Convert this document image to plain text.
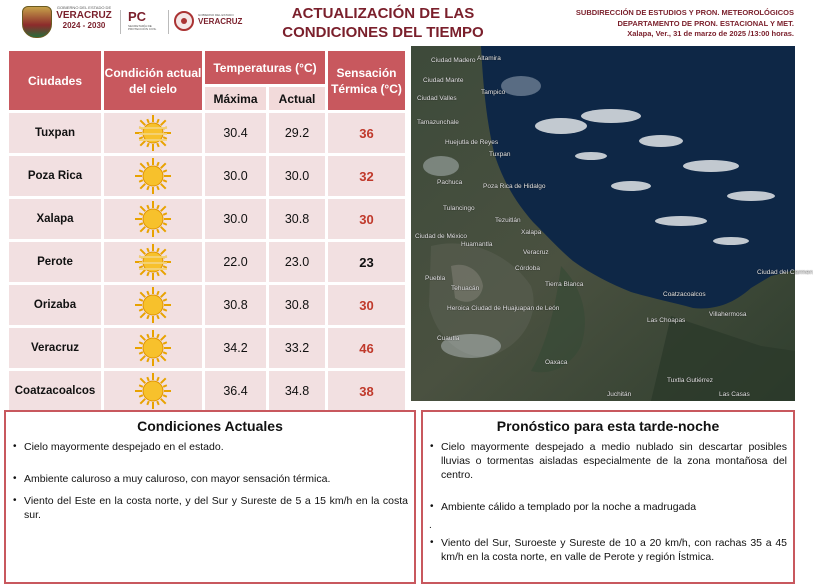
GOBIERNO DEL ESTADO DE
VERACRUZ
2024 - 2030
PC
SECRETARÍA DE PROTECCIÓN CIVIL
GOBIERNO DEL ESTADO
VERACRUZ	ACTUALIZACIÓN DE LAS
CONDICIONES DEL TIEMPO
SUBDIRECCIÓN DE ESTUDIOS Y PRON. METEOROLÓGICOS
DEPARTAMENTO DE PRON. ESTACIONAL Y MET.
Xalapa, Ver., 31 de marzo de 2025 /13:00 horas.
Ciudades	Condición actual del cielo	Temperaturas (°C)		Sensación Térmica (°C)
		Máxima	Actual	
Tuxpan		30.4	29.2	36
Poza Rica		30.0	30.0	32
Xalapa		30.0	30.8	30
Perote		22.0	23.0	23
Orizaba		30.8	30.8	30
Veracruz		34.2	33.2	46
Coatzacoalcos		36.4	34.8	38
Ciudad Madero Altamira
Ciudad Valles
Tampico
Tamazunchale
Ciudad Mante
Huejutla de Reyes
Tuxpan
Pachuca
Poza Rica de Hidalgo
Tulancingo
Tezuitlán
Ciudad de México
Huamantla
Xalapa
Veracruz
Puebla
Córdoba
Tehuacán
Tierra Blanca
Coatzacoalcos
Heroica Ciudad de Huajuapan de León
Oaxaca
Las Choapas
Villahermosa
Ciudad del Carmen
Cuautla
Juchitán
Tuxtla Gutiérrez
Las Casas
Condiciones Actuales
• Cielo mayormente despejado en el estado.
• Ambiente caluroso a muy caluroso, con mayor sensación térmica.
• Viento del Este en la costa norte, y del Sur y Sureste de 5 a 15 km/h en la costa sur.
Pronóstico para esta tarde-noche
• Cielo mayormente despejado a medio nublado sin descartar posibles lluvias o tormentas aisladas especialmente de la zona montañosa del centro.
• Ambiente cálido a templado por la noche a madrugada
.
• Viento del Sur, Suroeste y Sureste de 10 a 20 km/h, con rachas 35 a 45 km/h en la costa norte, en valle de Perote y región Ístmica.
